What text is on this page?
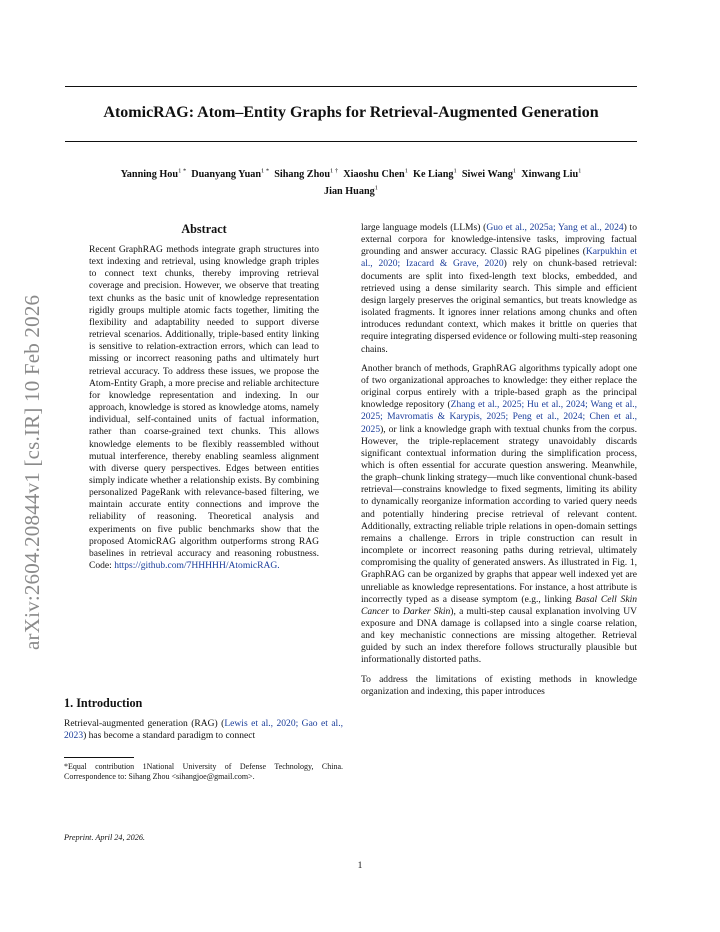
AtomicRAG: Atom–Entity Graphs for Retrieval-Augmented Generation
Yanning Hou$^{1 *}$ Duanyang Yuan$^{1 *}$ Sihang Zhou$^{1 \dagger}$ Xiaoshu Chen$^1$ Ke Liang$^1$ Siwei Wang$^1$ Xinwang Liu$^1$
Jian Huang$^1$
arXiv:2604.20844v1 [cs.IR] 10 Feb 2026

Abstract

Recent GraphRAG methods integrate graph structures into text indexing and retrieval, using knowledge graph triples to connect text chunks, thereby improving retrieval coverage and precision. However, we observe that treating text chunks as the basic unit of knowledge representation rigidly groups multiple atomic facts together, limiting the flexibility and adaptability needed to support diverse retrieval scenarios. Additionally, triple-based entity linking is sensitive to relation-extraction errors, which can lead to missing or incorrect reasoning paths and ultimately hurt retrieval accuracy. To address these issues, we propose the Atom-Entity Graph, a more precise and reliable architecture for knowledge representation and indexing. In our approach, knowledge is stored as knowledge atoms, namely individual, self-contained units of factual information, rather than coarse-grained text chunks. This allows knowledge elements to be flexibly reassembled without mutual interference, thereby enabling seamless alignment with diverse query perspectives. Edges between entities simply indicate whether a relationship exists. By combining personalized PageRank with relevance-based filtering, we maintain accurate entity connections and improve the reliability of reasoning. Theoretical analysis and experiments on five public benchmarks show that the proposed AtomicRAG algorithm outperforms strong RAG baselines in retrieval accuracy and reasoning robustness. Code: https://github.com/7HHHHH/AtomicRAG.

1. Introduction

Retrieval-augmented generation (RAG) (Lewis et al., 2020; Gao et al., 2023) has become a standard paradigm to connect

*Equal contribution 1National University of Defense Technology, China. Correspondence to: Sihang Zhou <sihangjoe@gmail.com>.
Preprint. April 24, 2026.

large language models (LLMs) (Guo et al., 2025a; Yang et al., 2024) to external corpora for knowledge-intensive tasks, improving factual grounding and answer accuracy. Classic RAG pipelines (Karpukhin et al., 2020; Izacard & Grave, 2020) rely on chunk-based retrieval: documents are split into fixed-length text blocks, embedded, and retrieved using a dense similarity search. This simple and efficient design largely preserves the original semantics, but treats knowledge as isolated fragments. It ignores inner relations among chunks and often introduces redundant context, which makes it brittle on queries that require integrating dispersed evidence or following multi-step reasoning chains.

Another branch of methods, GraphRAG algorithms typically adopt one of two organizational approaches to knowledge: they either replace the original corpus entirely with a triple-based graph as the principal knowledge repository (Zhang et al., 2025; Hu et al., 2024; Wang et al., 2025; Mavromatis & Karypis, 2025; Peng et al., 2024; Chen et al., 2025), or link a knowledge graph with textual chunks from the corpus. However, the triple-replacement strategy unavoidably discards significant contextual information during the simplification process, which is often essential for accurate question answering. Meanwhile, the graph–chunk linking strategy—much like conventional chunk-based retrieval—constrains knowledge to fixed segments, limiting its ability to dynamically reorganize information according to varied query needs and potentially hindering precise retrieval of relevant content. Additionally, extracting reliable triple relations in open-domain settings remains a challenge. Errors in triple construction can result in incomplete or incorrect reasoning paths during retrieval, ultimately compromising the quality of generated answers. As illustrated in Fig. 1, GraphRAG can be organized by graphs that appear well indexed yet are unreliable as knowledge representations. For instance, a host attribute is incorrectly typed as a disease symptom (e.g., linking Basal Cell Skin Cancer to Darker Skin), a multi-step causal explanation involving UV exposure and DNA damage is collapsed into a single coarse relation, and key mechanistic connections are missing altogether. Retrieval guided by such an index therefore follows structurally plausible but informationally distorted paths.

To address the limitations of existing methods in knowledge organization and indexing, this paper introduces

1
